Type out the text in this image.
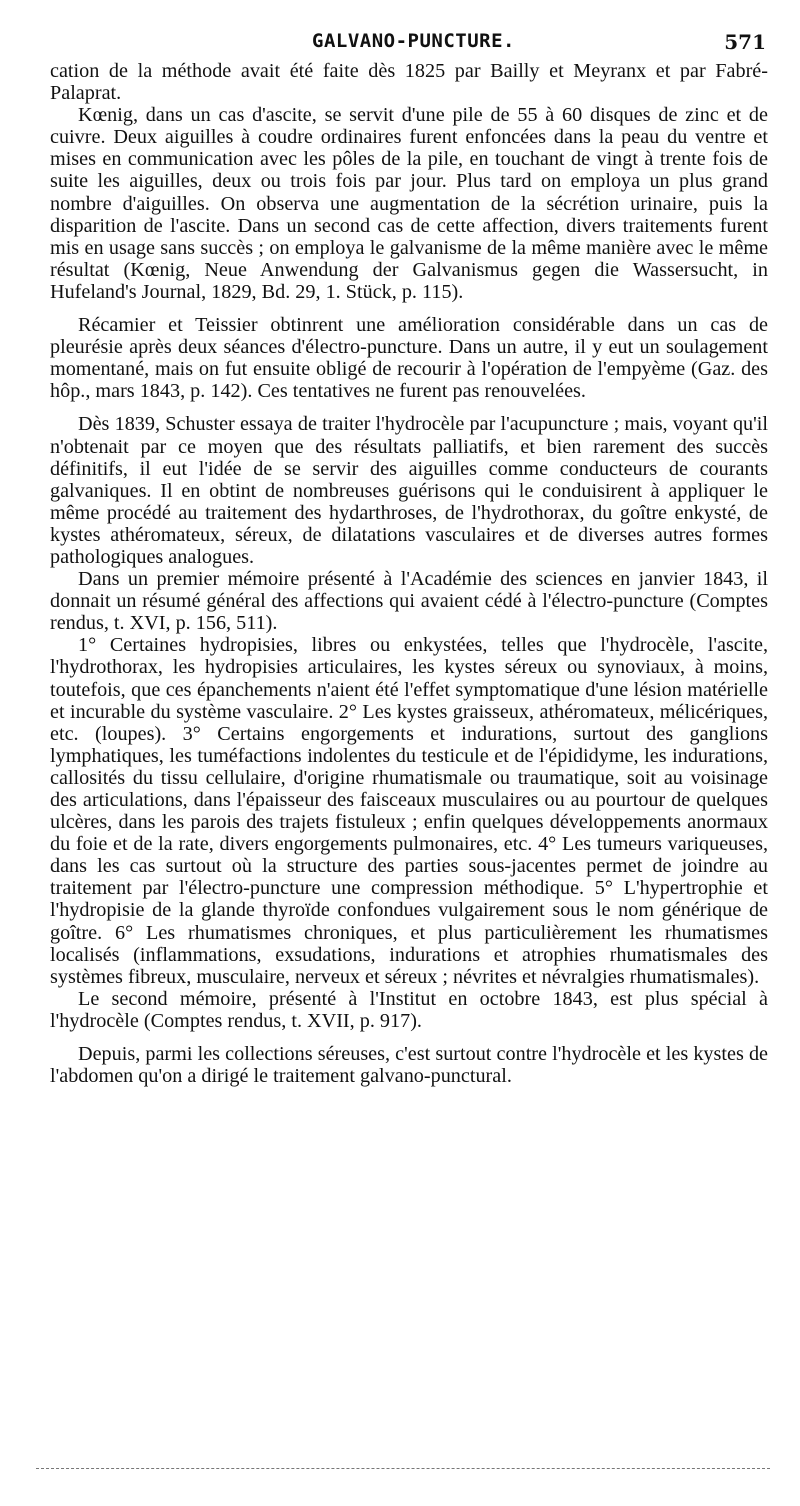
GALVANO-PUNCTURE.	571

cation de la méthode avait été faite dès 1825 par Bailly et Meyranx et par Fabré-Palaprat.

Kœnig, dans un cas d'ascite, se servit d'une pile de 55 à 60 disques de zinc et de cuivre. Deux aiguilles à coudre ordinaires furent enfoncées dans la peau du ventre et mises en communication avec les pôles de la pile, en touchant de vingt à trente fois de suite les aiguilles, deux ou trois fois par jour. Plus tard on employa un plus grand nombre d'aiguilles. On observa une augmentation de la sécrétion urinaire, puis la disparition de l'ascite. Dans un second cas de cette affection, divers traitements furent mis en usage sans succès ; on employa le galvanisme de la même manière avec le même résultat (Kœnig, Neue Anwendung der Galvanismus gegen die Wassersucht, in Hufeland's Journal, 1829, Bd. 29, 1. Stück, p. 115).

Récamier et Teissier obtinrent une amélioration considérable dans un cas de pleurésie après deux séances d'électro-puncture. Dans un autre, il y eut un soulagement momentané, mais on fut ensuite obligé de recourir à l'opération de l'empyème (Gaz. des hôp., mars 1843, p. 142). Ces tentatives ne furent pas renouvelées.

Dès 1839, Schuster essaya de traiter l'hydrocèle par l'acupuncture ; mais, voyant qu'il n'obtenait par ce moyen que des résultats palliatifs, et bien rarement des succès définitifs, il eut l'idée de se servir des aiguilles comme conducteurs de courants galvaniques. Il en obtint de nombreuses guérisons qui le conduisirent à appliquer le même procédé au traitement des hydarthroses, de l'hydrothorax, du goître enkysté, de kystes athéromateux, séreux, de dilatations vasculaires et de diverses autres formes pathologiques analogues.

Dans un premier mémoire présenté à l'Académie des sciences en janvier 1843, il donnait un résumé général des affections qui avaient cédé à l'électro-puncture (Comptes rendus, t. XVI, p. 156, 511).

1° Certaines hydropisies, libres ou enkystées, telles que l'hydrocèle, l'ascite, l'hydrothorax, les hydropisies articulaires, les kystes séreux ou synoviaux, à moins, toutefois, que ces épanchements n'aient été l'effet symptomatique d'une lésion matérielle et incurable du système vasculaire. 2° Les kystes graisseux, athéromateux, mélicériques, etc. (loupes). 3° Certains engorgements et indurations, surtout des ganglions lymphatiques, les tuméfactions indolentes du testicule et de l'épididyme, les indurations, callosités du tissu cellulaire, d'origine rhumatismale ou traumatique, soit au voisinage des articulations, dans l'épaisseur des faisceaux musculaires ou au pourtour de quelques ulcères, dans les parois des trajets fistuleux ; enfin quelques développements anormaux du foie et de la rate, divers engorgements pulmonaires, etc. 4° Les tumeurs variqueuses, dans les cas surtout où la structure des parties sous-jacentes permet de joindre au traitement par l'électro-puncture une compression méthodique. 5° L'hypertrophie et l'hydropisie de la glande thyroïde confondues vulgairement sous le nom générique de goître. 6° Les rhumatismes chroniques, et plus particulièrement les rhumatismes localisés (inflammations, exsudations, indurations et atrophies rhumatismales des systèmes fibreux, musculaire, nerveux et séreux ; névrites et névralgies rhumatismales).

Le second mémoire, présenté à l'Institut en octobre 1843, est plus spécial à l'hydrocèle (Comptes rendus, t. XVII, p. 917).

Depuis, parmi les collections séreuses, c'est surtout contre l'hydrocèle et les kystes de l'abdomen qu'on a dirigé le traitement galvano-punctural.
